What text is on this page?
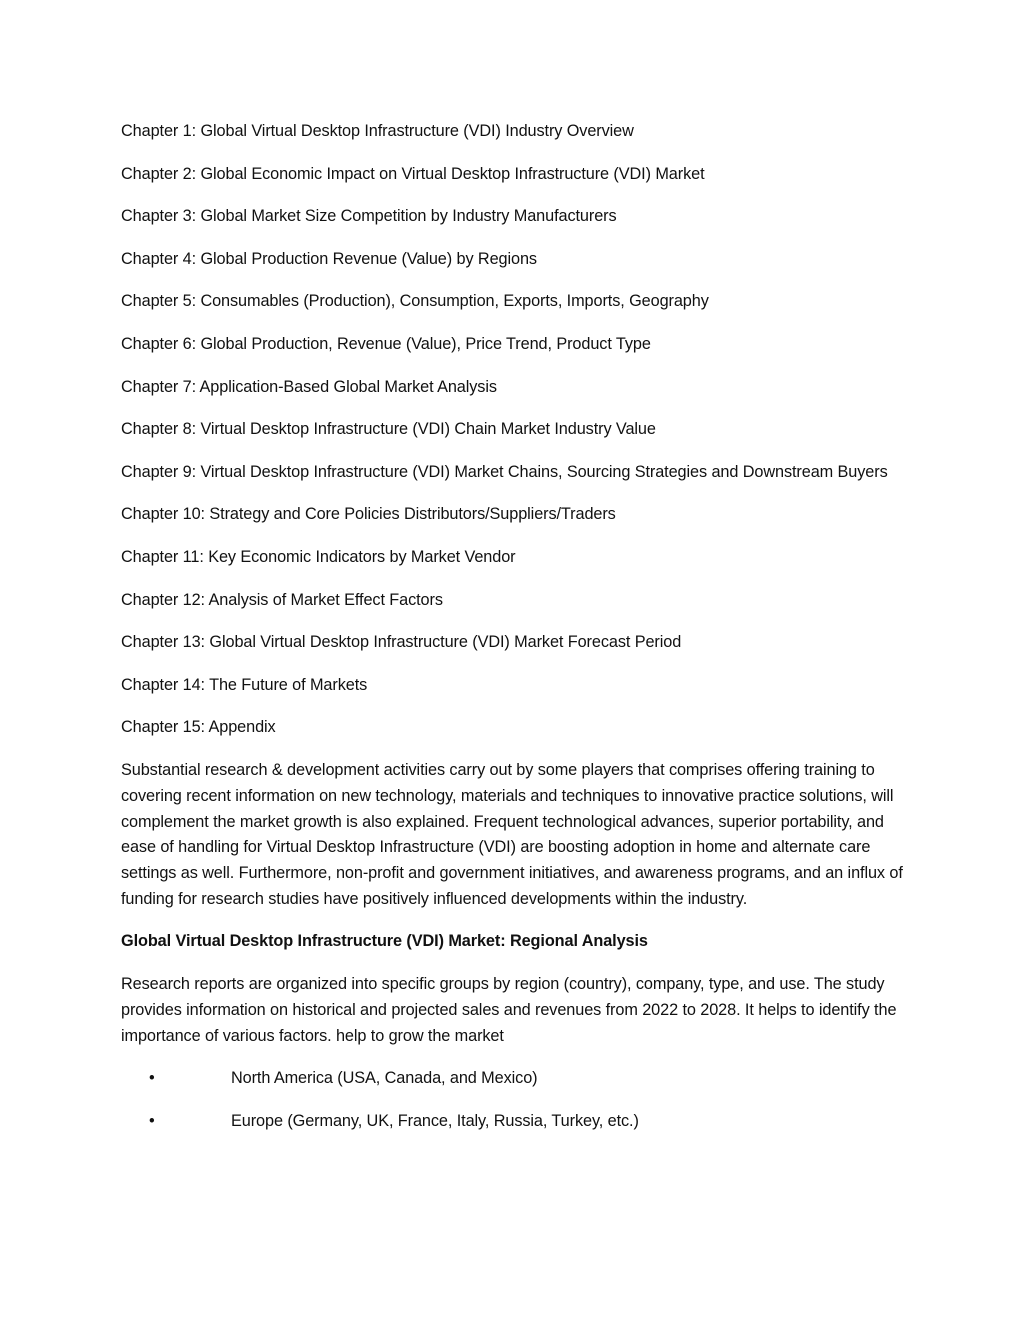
Chapter 1: Global Virtual Desktop Infrastructure (VDI) Industry Overview

Chapter 2: Global Economic Impact on Virtual Desktop Infrastructure (VDI) Market

Chapter 3: Global Market Size Competition by Industry Manufacturers

Chapter 4: Global Production Revenue (Value) by Regions

Chapter 5: Consumables (Production), Consumption, Exports, Imports, Geography

Chapter 6: Global Production, Revenue (Value), Price Trend, Product Type

Chapter 7: Application-Based Global Market Analysis

Chapter 8: Virtual Desktop Infrastructure (VDI) Chain Market Industry Value

Chapter 9: Virtual Desktop Infrastructure (VDI) Market Chains, Sourcing Strategies and Downstream Buyers

Chapter 10: Strategy and Core Policies Distributors/Suppliers/Traders

Chapter 11: Key Economic Indicators by Market Vendor

Chapter 12: Analysis of Market Effect Factors

Chapter 13: Global Virtual Desktop Infrastructure (VDI) Market Forecast Period

Chapter 14: The Future of Markets

Chapter 15: Appendix

Substantial research & development activities carry out by some players that comprises offering training to covering recent information on new technology, materials and techniques to innovative practice solutions, will complement the market growth is also explained. Frequent technological advances, superior portability, and ease of handling for Virtual Desktop Infrastructure (VDI) are boosting adoption in home and alternate care settings as well. Furthermore, non-profit and government initiatives, and awareness programs, and an influx of funding for research studies have positively influenced developments within the industry.

Global Virtual Desktop Infrastructure (VDI) Market: Regional Analysis

Research reports are organized into specific groups by region (country), company, type, and use. The study provides information on historical and projected sales and revenues from 2022 to 2028. It helps to identify the importance of various factors. help to grow the market

•	North America (USA, Canada, and Mexico)
•	Europe (Germany, UK, France, Italy, Russia, Turkey, etc.)
